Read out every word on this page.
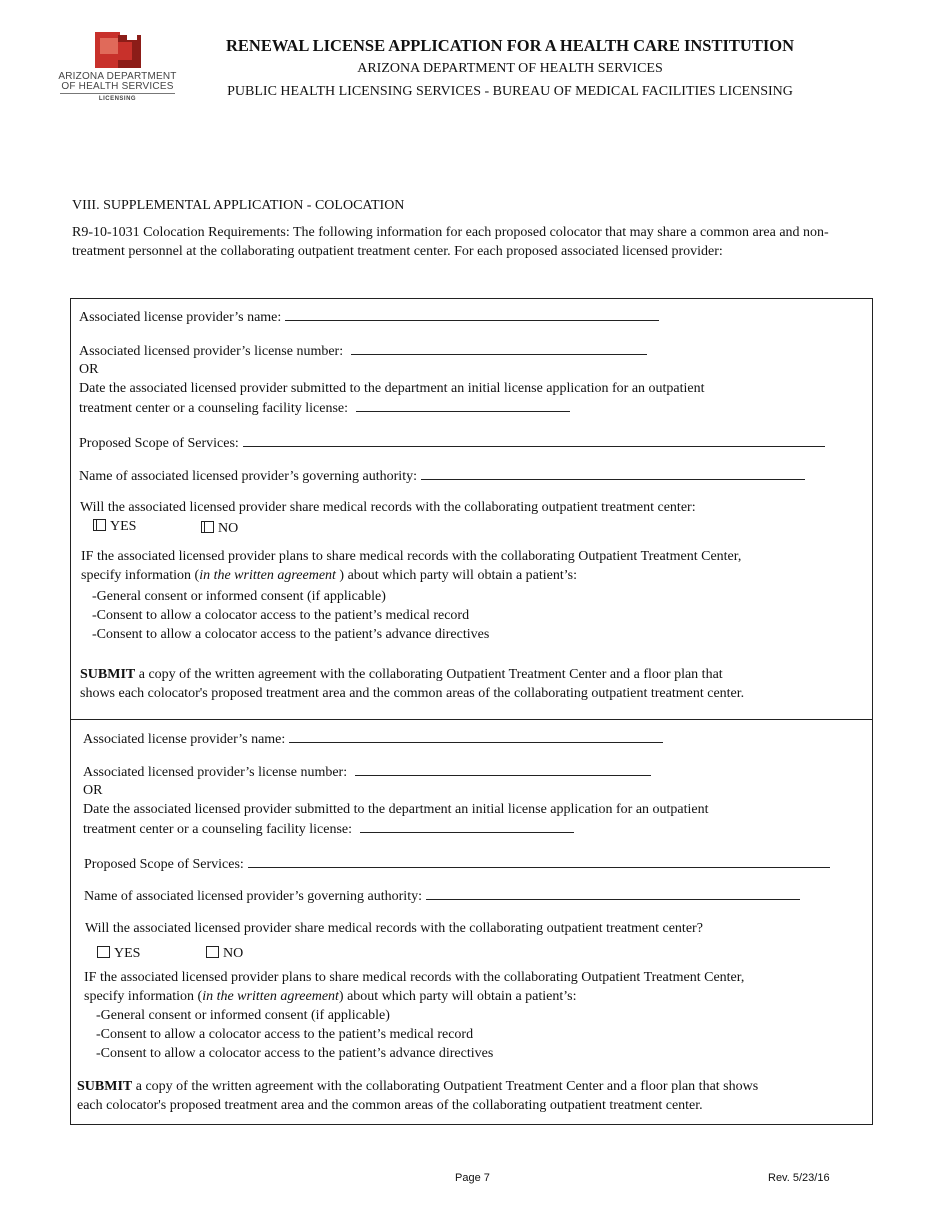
ARIZONA DEPARTMENT
OF HEALTH SERVICES
LICENSING
RENEWAL LICENSE APPLICATION FOR A HEALTH CARE INSTITUTION
ARIZONA DEPARTMENT OF HEALTH SERVICES
PUBLIC HEALTH LICENSING SERVICES - BUREAU OF MEDICAL FACILITIES LICENSING
VIII. SUPPLEMENTAL APPLICATION - COLOCATION
R9-10-1031 Colocation Requirements: The following information for each proposed colocator that may share a common area and non-treatment personnel at the collaborating outpatient treatment center. For each proposed associated licensed provider:
Associated license provider’s name:
Associated licensed provider’s license number:
OR
Date the associated licensed provider submitted to the department an initial license application for an outpatient
treatment center or a counseling facility license:
Proposed Scope of Services:
Name of associated licensed provider’s governing authority:
Will the associated licensed provider share medical records with the collaborating outpatient treatment center:
YES	NO
IF the associated licensed provider plans to share medical records with the collaborating Outpatient Treatment Center,
specify information (in the written agreement ) about which party will obtain a patient’s:
-General consent or informed consent (if applicable)
-Consent to allow a colocator access to the patient’s medical record
-Consent to allow a colocator access to the patient’s advance directives
SUBMIT a copy of the written agreement with the collaborating Outpatient Treatment Center and a floor plan that
shows each colocator's proposed treatment area and the common areas of the collaborating outpatient treatment center.
Associated license provider’s name:
Associated licensed provider’s license number:
OR
Date the associated licensed provider submitted to the department an initial license application for an outpatient
treatment center or a counseling facility license:
Proposed Scope of Services:
Name of associated licensed provider’s governing authority:
Will the associated licensed provider share medical records with the collaborating outpatient treatment center?
YES	NO
IF the associated licensed provider plans to share medical records with the collaborating Outpatient Treatment Center,
specify information (in the written agreement) about which party will obtain a patient’s:
-General consent or informed consent (if applicable)
-Consent to allow a colocator access to the patient’s medical record
-Consent to allow a colocator access to the patient’s advance directives
SUBMIT a copy of the written agreement with the collaborating Outpatient Treatment Center and a floor plan that shows
each colocator's proposed treatment area and the common areas of the collaborating outpatient treatment center.
Page 7	Rev. 5/23/16
